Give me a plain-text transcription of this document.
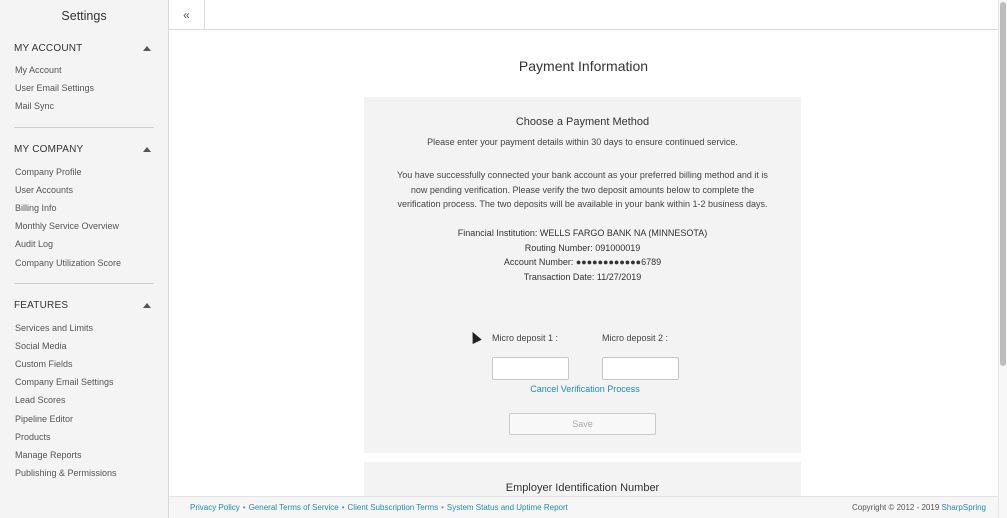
Settings
MY ACCOUNT
My Account
User Email Settings
Mail Sync
MY COMPANY
Company Profile
User Accounts
Billing Info
Monthly Service Overview
Audit Log
Company Utilization Score
FEATURES
Services and Limits
Social Media
Custom Fields
Company Email Settings
Lead Scores
Pipeline Editor
Products
Manage Reports
Publishing & Permissions
«
Payment Information
Choose a Payment Method
Please enter your payment details within 30 days to ensure continued service.
You have successfully connected your bank account as your preferred billing method and it is now pending verification. Please verify the two deposit amounts below to complete the verification process. The two deposits will be available in your bank within 1-2 business days.
Financial Institution: WELLS FARGO BANK NA (MINNESOTA)
Routing Number: 091000019
Account Number: ●●●●●●●●●●●●6789
Transaction Date: 11/27/2019
Micro deposit 1 :	Micro deposit 2 :
Cancel Verification Process
Save
Employer Identification Number
Privacy Policy • General Terms of Service • Client Subscription Terms • System Status and Uptime Report	Copyright © 2012 - 2019 SharpSpring
